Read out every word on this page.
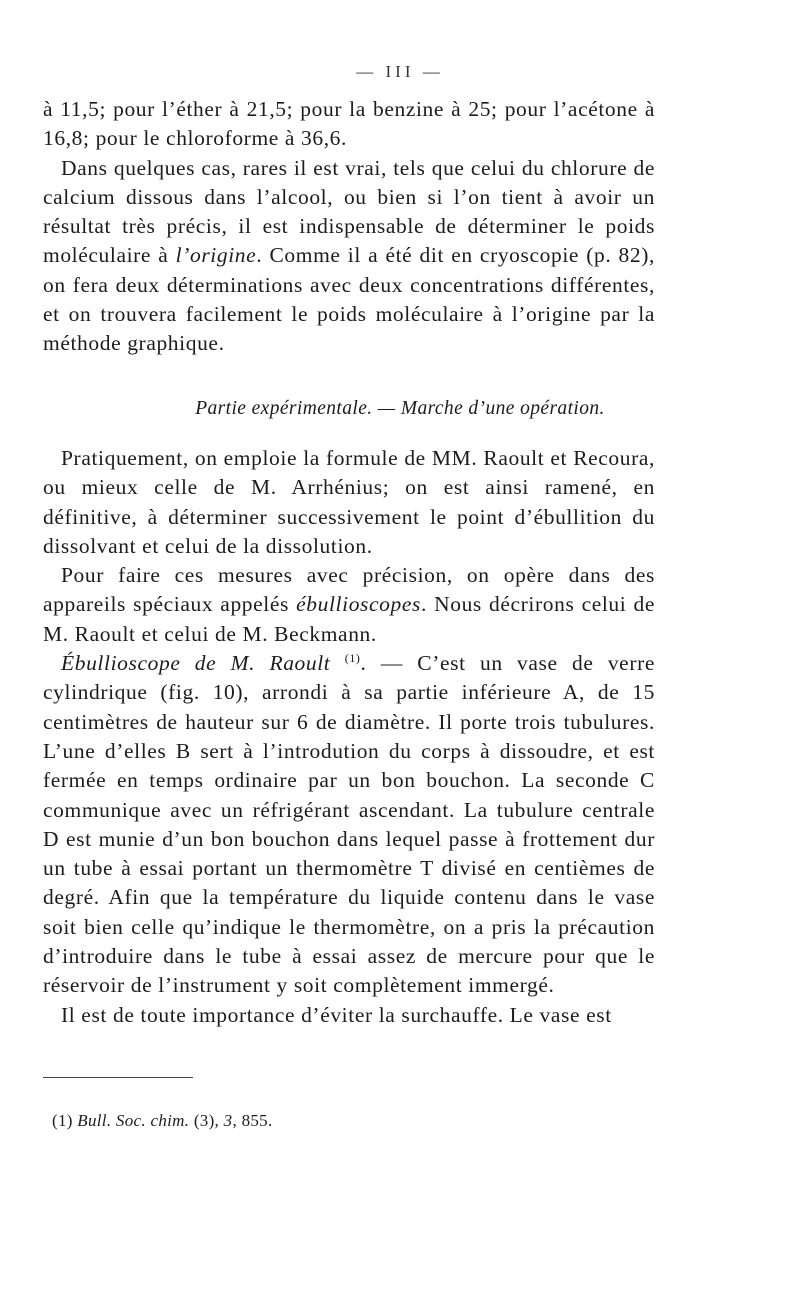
— III —

à 11,5; pour l’éther à 21,5; pour la benzine à 25; pour l’acétone à 16,8; pour le chloroforme à 36,6.

Dans quelques cas, rares il est vrai, tels que celui du chlorure de calcium dissous dans l’alcool, ou bien si l’on tient à avoir un résultat très précis, il est indispensable de déterminer le poids moléculaire à l’origine. Comme il a été dit en cryoscopie (p. 82), on fera deux déterminations avec deux concentrations différentes, et on trouvera facilement le poids moléculaire à l’origine par la méthode graphique.

Partie expérimentale. — Marche d’une opération.

Pratiquement, on emploie la formule de MM. Raoult et Recoura, ou mieux celle de M. Arrhénius; on est ainsi ramené, en définitive, à déterminer successivement le point d’ébullition du dissolvant et celui de la dissolution.

Pour faire ces mesures avec précision, on opère dans des appareils spéciaux appelés ébullioscopes. Nous décrirons celui de M. Raoult et celui de M. Beckmann.

Ébullioscope de M. Raoult $^{(1)}$. — C’est un vase de verre cylindrique (fig. 10), arrondi à sa partie inférieure A, de 15 centimètres de hauteur sur 6 de diamètre. Il porte trois tubulures. L’une d’elles B sert à l’introdution du corps à dissoudre, et est fermée en temps ordinaire par un bon bouchon. La seconde C communique avec un réfrigérant ascendant. La tubulure centrale D est munie d’un bon bouchon dans lequel passe à frottement dur un tube à essai portant un thermomètre T divisé en centièmes de degré. Afin que la température du liquide contenu dans le vase soit bien celle qu’indique le thermomètre, on a pris la précaution d’introduire dans le tube à essai assez de mercure pour que le réservoir de l’instrument y soit complètement immergé.

Il est de toute importance d’éviter la surchauffe. Le vase est

(1) Bull. Soc. chim. (3), 3, 855.
